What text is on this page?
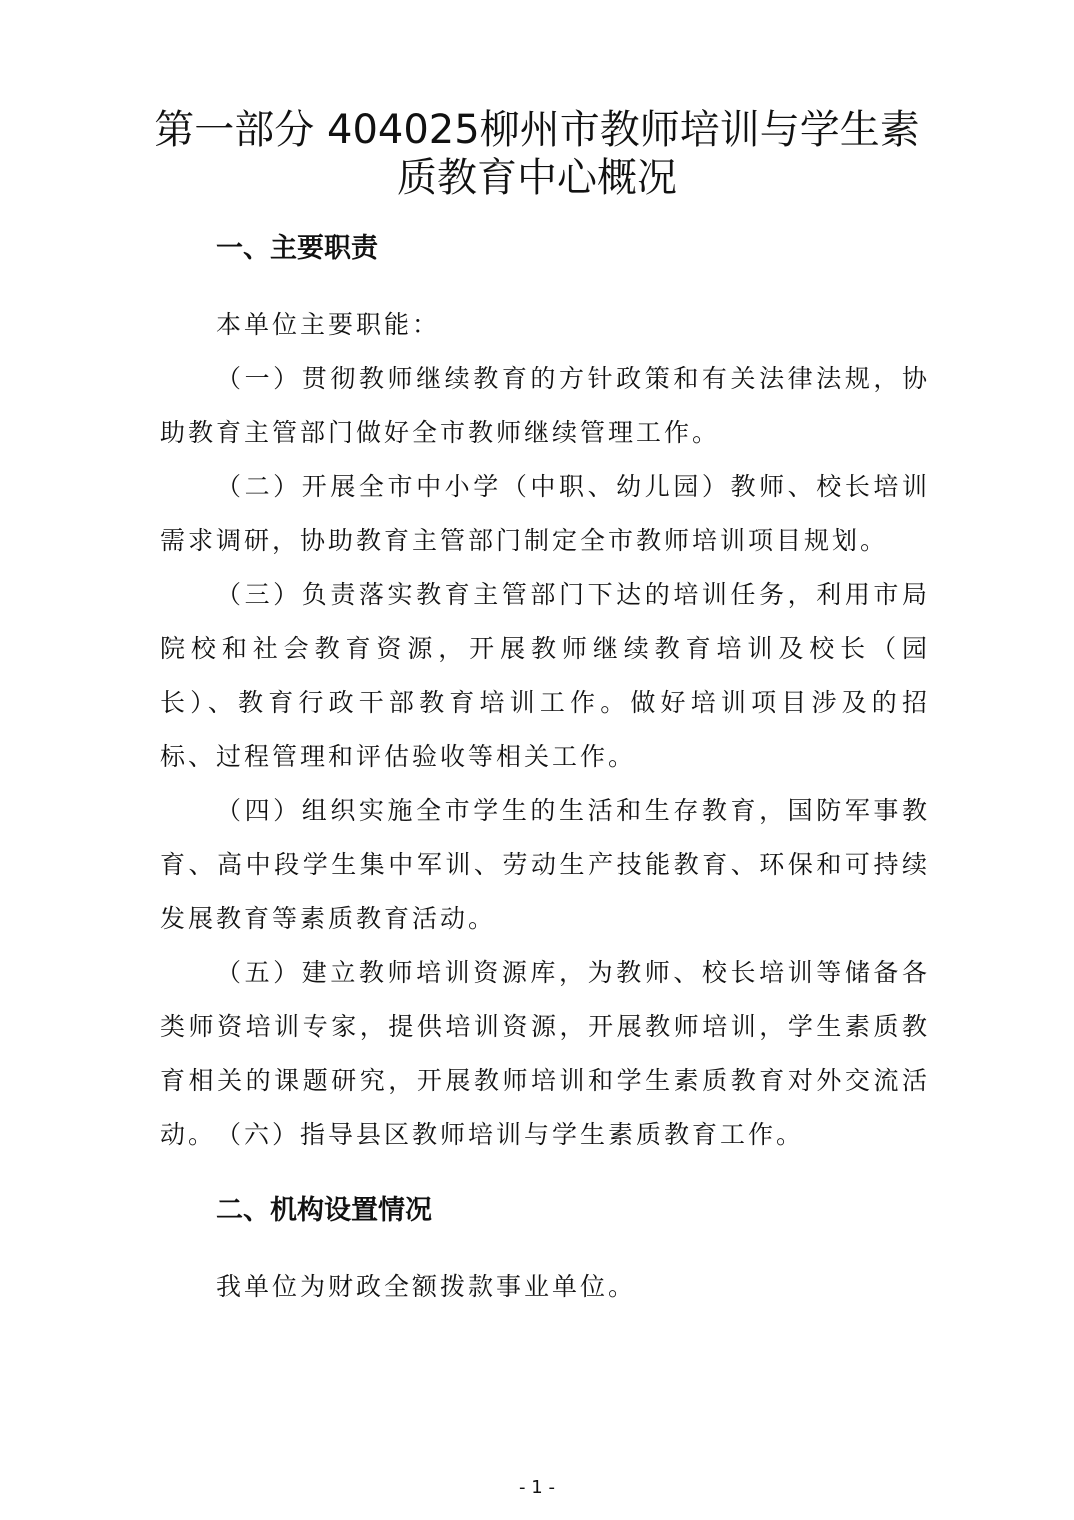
第一部分 404025柳州市教师培训与学生素
质教育中心概况
一、主要职责

本单位主要职能：

（一）贯彻教师继续教育的方针政策和有关法律法规，协助教育主管部门做好全市教师继续管理工作。

（二）开展全市中小学（中职、幼儿园）教师、校长培训需求调研，协助教育主管部门制定全市教师培训项目规划。

（三）负责落实教育主管部门下达的培训任务，利用市局院校和社会教育资源，开展教师继续教育培训及校长（园长）、教育行政干部教育培训工作。做好培训项目涉及的招标、过程管理和评估验收等相关工作。

（四）组织实施全市学生的生活和生存教育，国防军事教育、高中段学生集中军训、劳动生产技能教育、环保和可持续发展教育等素质教育活动。

（五）建立教师培训资源库，为教师、校长培训等储备各类师资培训专家，提供培训资源，开展教师培训，学生素质教育相关的课题研究，开展教师培训和学生素质教育对外交流活动。 （六）指导县区教师培训与学生素质教育工作。

二、机构设置情况

我单位为财政全额拨款事业单位。

- 1 -
